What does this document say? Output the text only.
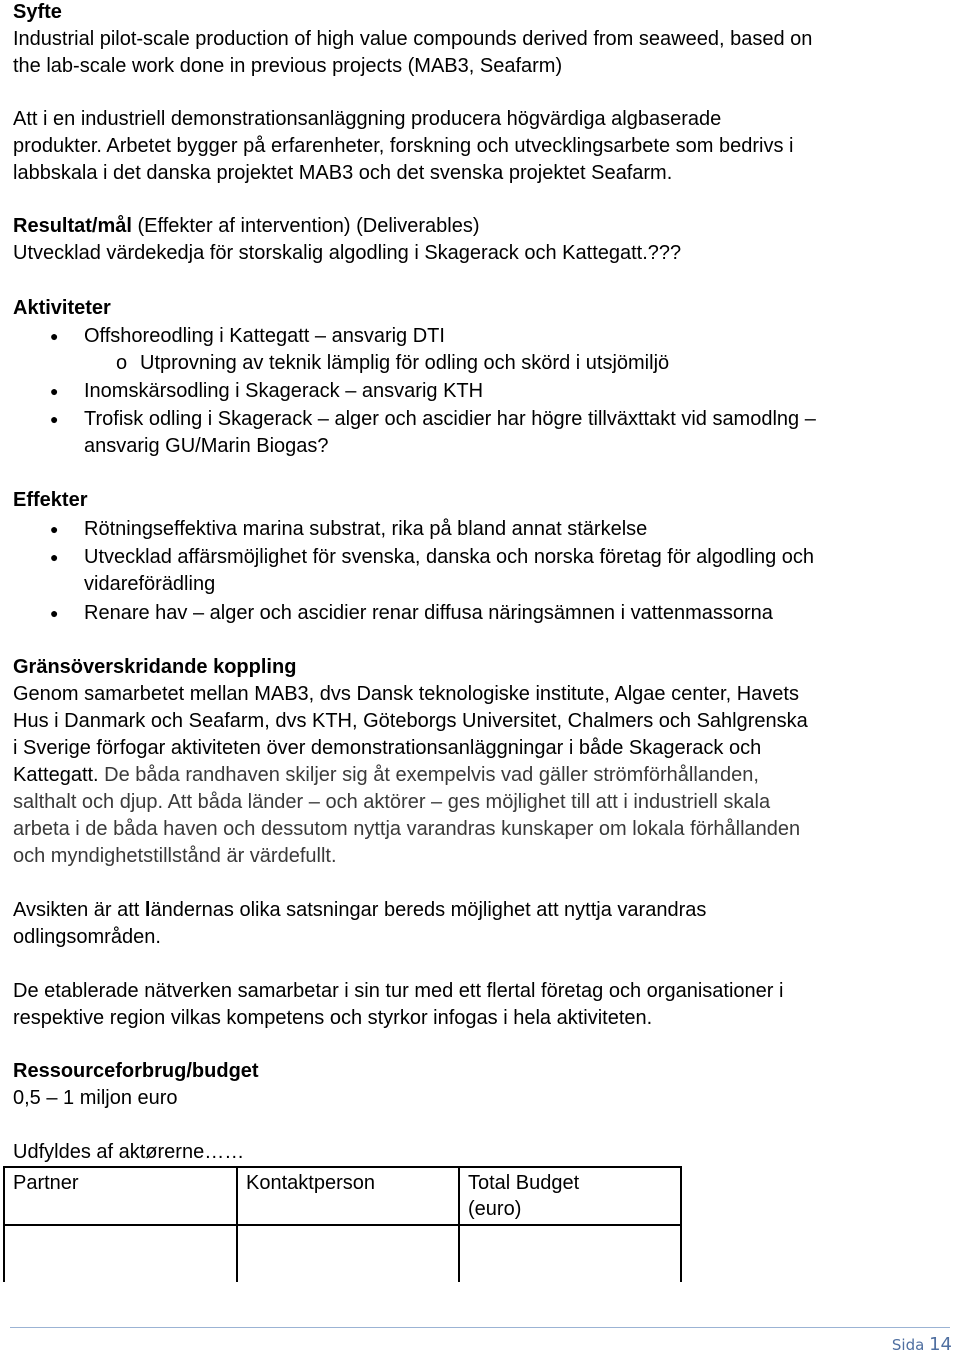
Syfte
Industrial pilot-scale production of high value compounds derived from seaweed, based on
the lab-scale work done in previous projects (MAB3, Seafarm)
Att i en industriell demonstrationsanläggning producera högvärdiga algbaserade
produkter. Arbetet bygger på erfarenheter, forskning och utvecklingsarbete som bedrivs i
labbskala i det danska projektet MAB3 och det svenska projektet Seafarm.
Resultat/mål (Effekter af intervention) (Deliverables)
Utvecklad värdekedja för storskalig algodling i Skagerack och Kattegatt.???
Aktiviteter
● Offshoreodling i Kattegatt – ansvarig DTI
o Utprovning av teknik lämplig för odling och skörd i utsjömiljö
● Inomskärsodling i Skagerack – ansvarig KTH
● Trofisk odling i Skagerack – alger och ascidier har högre tillväxttakt vid samodlng –
ansvarig GU/Marin Biogas?
Effekter
● Rötningseffektiva marina substrat, rika på bland annat stärkelse
● Utvecklad affärsmöjlighet för svenska, danska och norska företag för algodling och
vidareförädling
● Renare hav – alger och ascidier renar diffusa näringsämnen i vattenmassorna
Gränsöverskridande koppling
Genom samarbetet mellan MAB3, dvs Dansk teknologiske institute, Algae center, Havets
Hus i Danmark och Seafarm, dvs KTH, Göteborgs Universitet, Chalmers och Sahlgrenska
i Sverige förfogar aktiviteten över demonstrationsanläggningar i både Skagerack och
Kattegatt. De båda randhaven skiljer sig åt exempelvis vad gäller strömförhållanden,
salthalt och djup. Att båda länder – och aktörer – ges möjlighet till att i industriell skala
arbeta i de båda haven och dessutom nyttja varandras kunskaper om lokala förhållanden
och myndighetstillstånd är värdefullt.
Avsikten är att ländernas olika satsningar bereds möjlighet att nyttja varandras
odlingsområden.
De etablerade nätverken samarbetar i sin tur med ett flertal företag och organisationer i
respektive region vilkas kompetens och styrkor infogas i hela aktiviteten.
Ressourceforbrug/budget
0,5 – 1 miljon euro
Udfyldes af aktørerne……
Partner	Kontaktperson	Total Budget
(euro)

Sida 14
